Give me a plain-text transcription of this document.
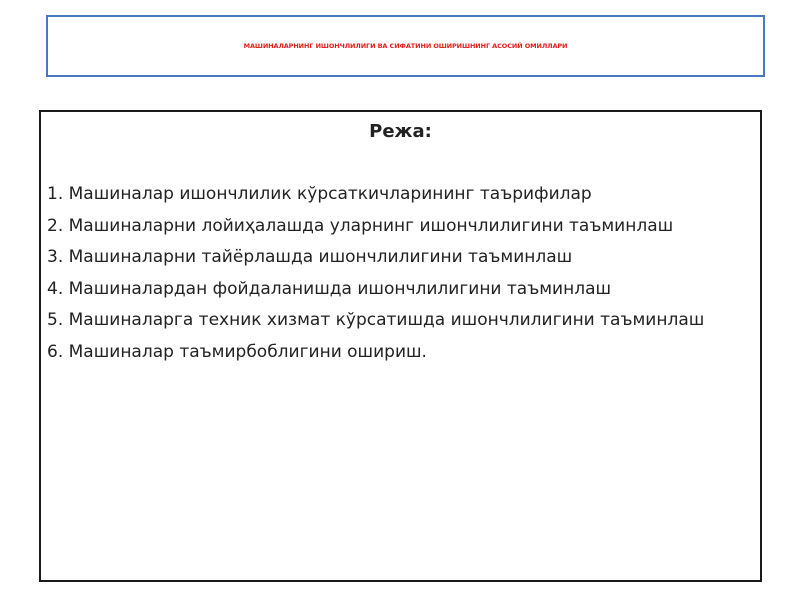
МАШИНАЛАРНИНГ ИШОНЧЛИЛИГИ ВА СИФАТИНИ ОШИРИШНИНГ АСОСИЙ ОМИЛЛАРИ
Режа:
1. Машиналар ишончлилик кўрсаткичларининг таърифилар
2. Машиналарни лойиҳалашда уларнинг ишончлилигини таъминлаш
3. Машиналарни тайёрлашда ишончлилигини таъминлаш
4. Машиналардан фойдаланишда ишончлилигини таъминлаш
5. Машиналарга техник хизмат кўрсатишда ишончлилигини таъминлаш
6. Машиналар таъмирбоблигини ошириш.
